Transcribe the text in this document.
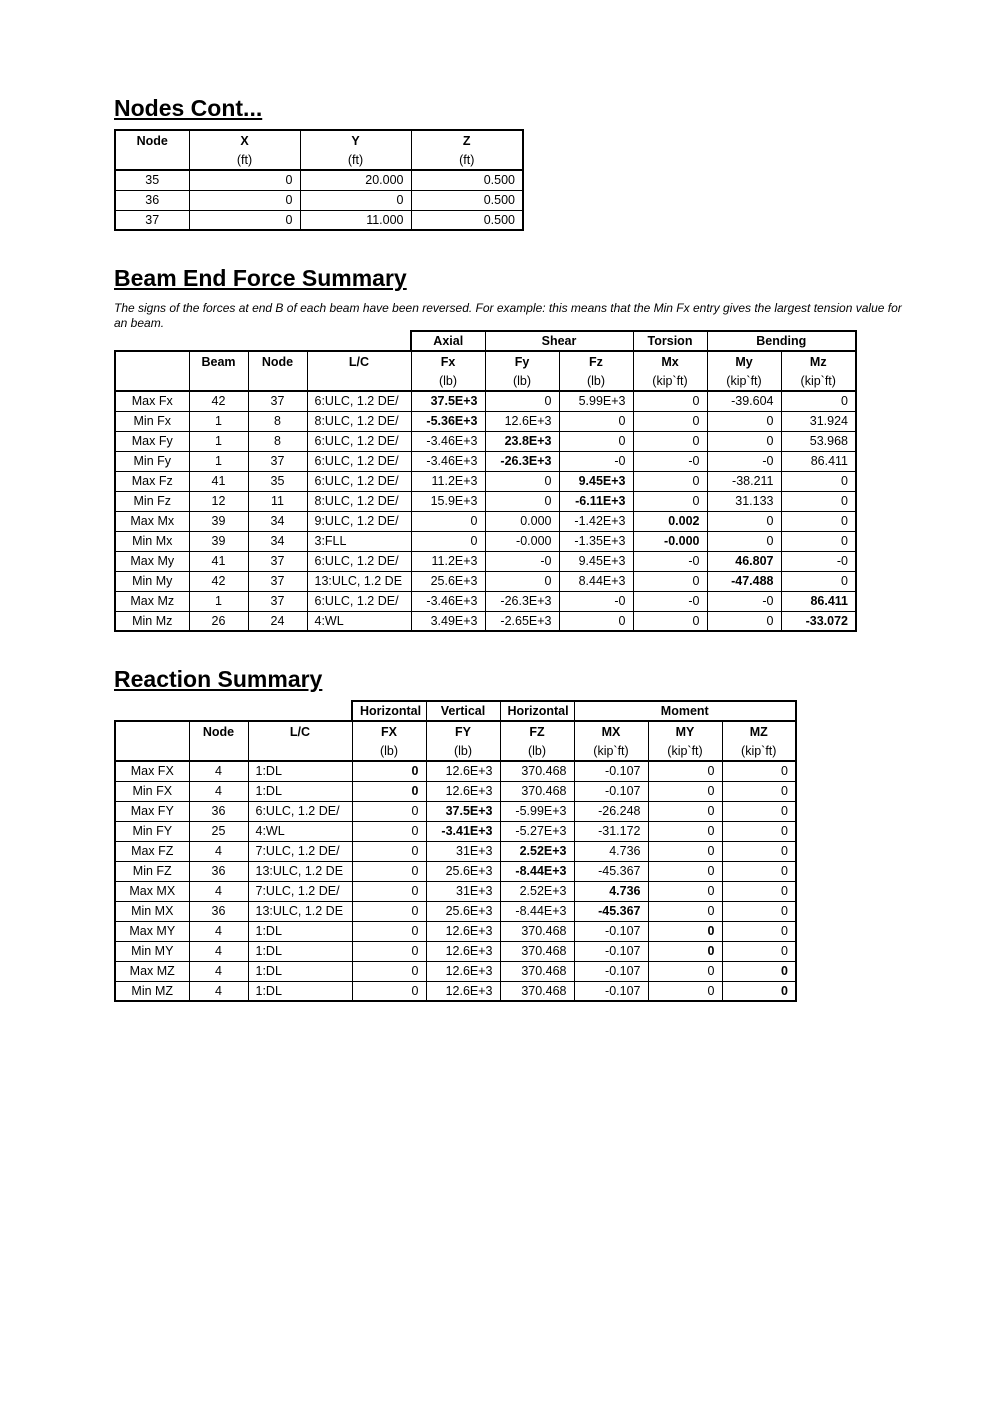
Nodes Cont...
Node	X	Y	Z
	(ft)	(ft)	(ft)
35	0	20.000	0.500
36	0	0	0.500
37	0	11.000	0.500
Beam End Force Summary

The signs of the forces at end B of each beam have been reversed. For example: this means that the Min Fx entry gives the largest tension value for an beam.

				Axial	Shear		Torsion	Bending	
	Beam	Node	L/C	Fx	Fy	Fz	Mx	My	Mz
				(lb)	(lb)	(lb)	(kip`ft)	(kip`ft)	(kip`ft)
Max Fx	42	37	6:ULC, 1.2 DE/	37.5E+3	0	5.99E+3	0	-39.604	0
Min Fx	1	8	8:ULC, 1.2 DE/	-5.36E+3	12.6E+3	0	0	0	31.924
Max Fy	1	8	6:ULC, 1.2 DE/	-3.46E+3	23.8E+3	0	0	0	53.968
Min Fy	1	37	6:ULC, 1.2 DE/	-3.46E+3	-26.3E+3	-0	-0	-0	86.411
Max Fz	41	35	6:ULC, 1.2 DE/	11.2E+3	0	9.45E+3	0	-38.211	0
Min Fz	12	11	8:ULC, 1.2 DE/	15.9E+3	0	-6.11E+3	0	31.133	0
Max Mx	39	34	9:ULC, 1.2 DE/	0	0.000	-1.42E+3	0.002	0	0
Min Mx	39	34	3:FLL	0	-0.000	-1.35E+3	-0.000	0	0
Max My	41	37	6:ULC, 1.2 DE/	11.2E+3	-0	9.45E+3	-0	46.807	-0
Min My	42	37	13:ULC, 1.2 DE	25.6E+3	0	8.44E+3	0	-47.488	0
Max Mz	1	37	6:ULC, 1.2 DE/	-3.46E+3	-26.3E+3	-0	-0	-0	86.411
Min Mz	26	24	4:WL	3.49E+3	-2.65E+3	0	0	0	-33.072
Reaction Summary
			Horizontal	Vertical	Horizontal	Moment		
	Node	L/C	FX	FY	FZ	MX	MY	MZ
			(lb)	(lb)	(lb)	(kip`ft)	(kip`ft)	(kip`ft)
Max FX	4	1:DL	0	12.6E+3	370.468	-0.107	0	0
Min FX	4	1:DL	0	12.6E+3	370.468	-0.107	0	0
Max FY	36	6:ULC, 1.2 DE/	0	37.5E+3	-5.99E+3	-26.248	0	0
Min FY	25	4:WL	0	-3.41E+3	-5.27E+3	-31.172	0	0
Max FZ	4	7:ULC, 1.2 DE/	0	31E+3	2.52E+3	4.736	0	0
Min FZ	36	13:ULC, 1.2 DE	0	25.6E+3	-8.44E+3	-45.367	0	0
Max MX	4	7:ULC, 1.2 DE/	0	31E+3	2.52E+3	4.736	0	0
Min MX	36	13:ULC, 1.2 DE	0	25.6E+3	-8.44E+3	-45.367	0	0
Max MY	4	1:DL	0	12.6E+3	370.468	-0.107	0	0
Min MY	4	1:DL	0	12.6E+3	370.468	-0.107	0	0
Max MZ	4	1:DL	0	12.6E+3	370.468	-0.107	0	0
Min MZ	4	1:DL	0	12.6E+3	370.468	-0.107	0	0
